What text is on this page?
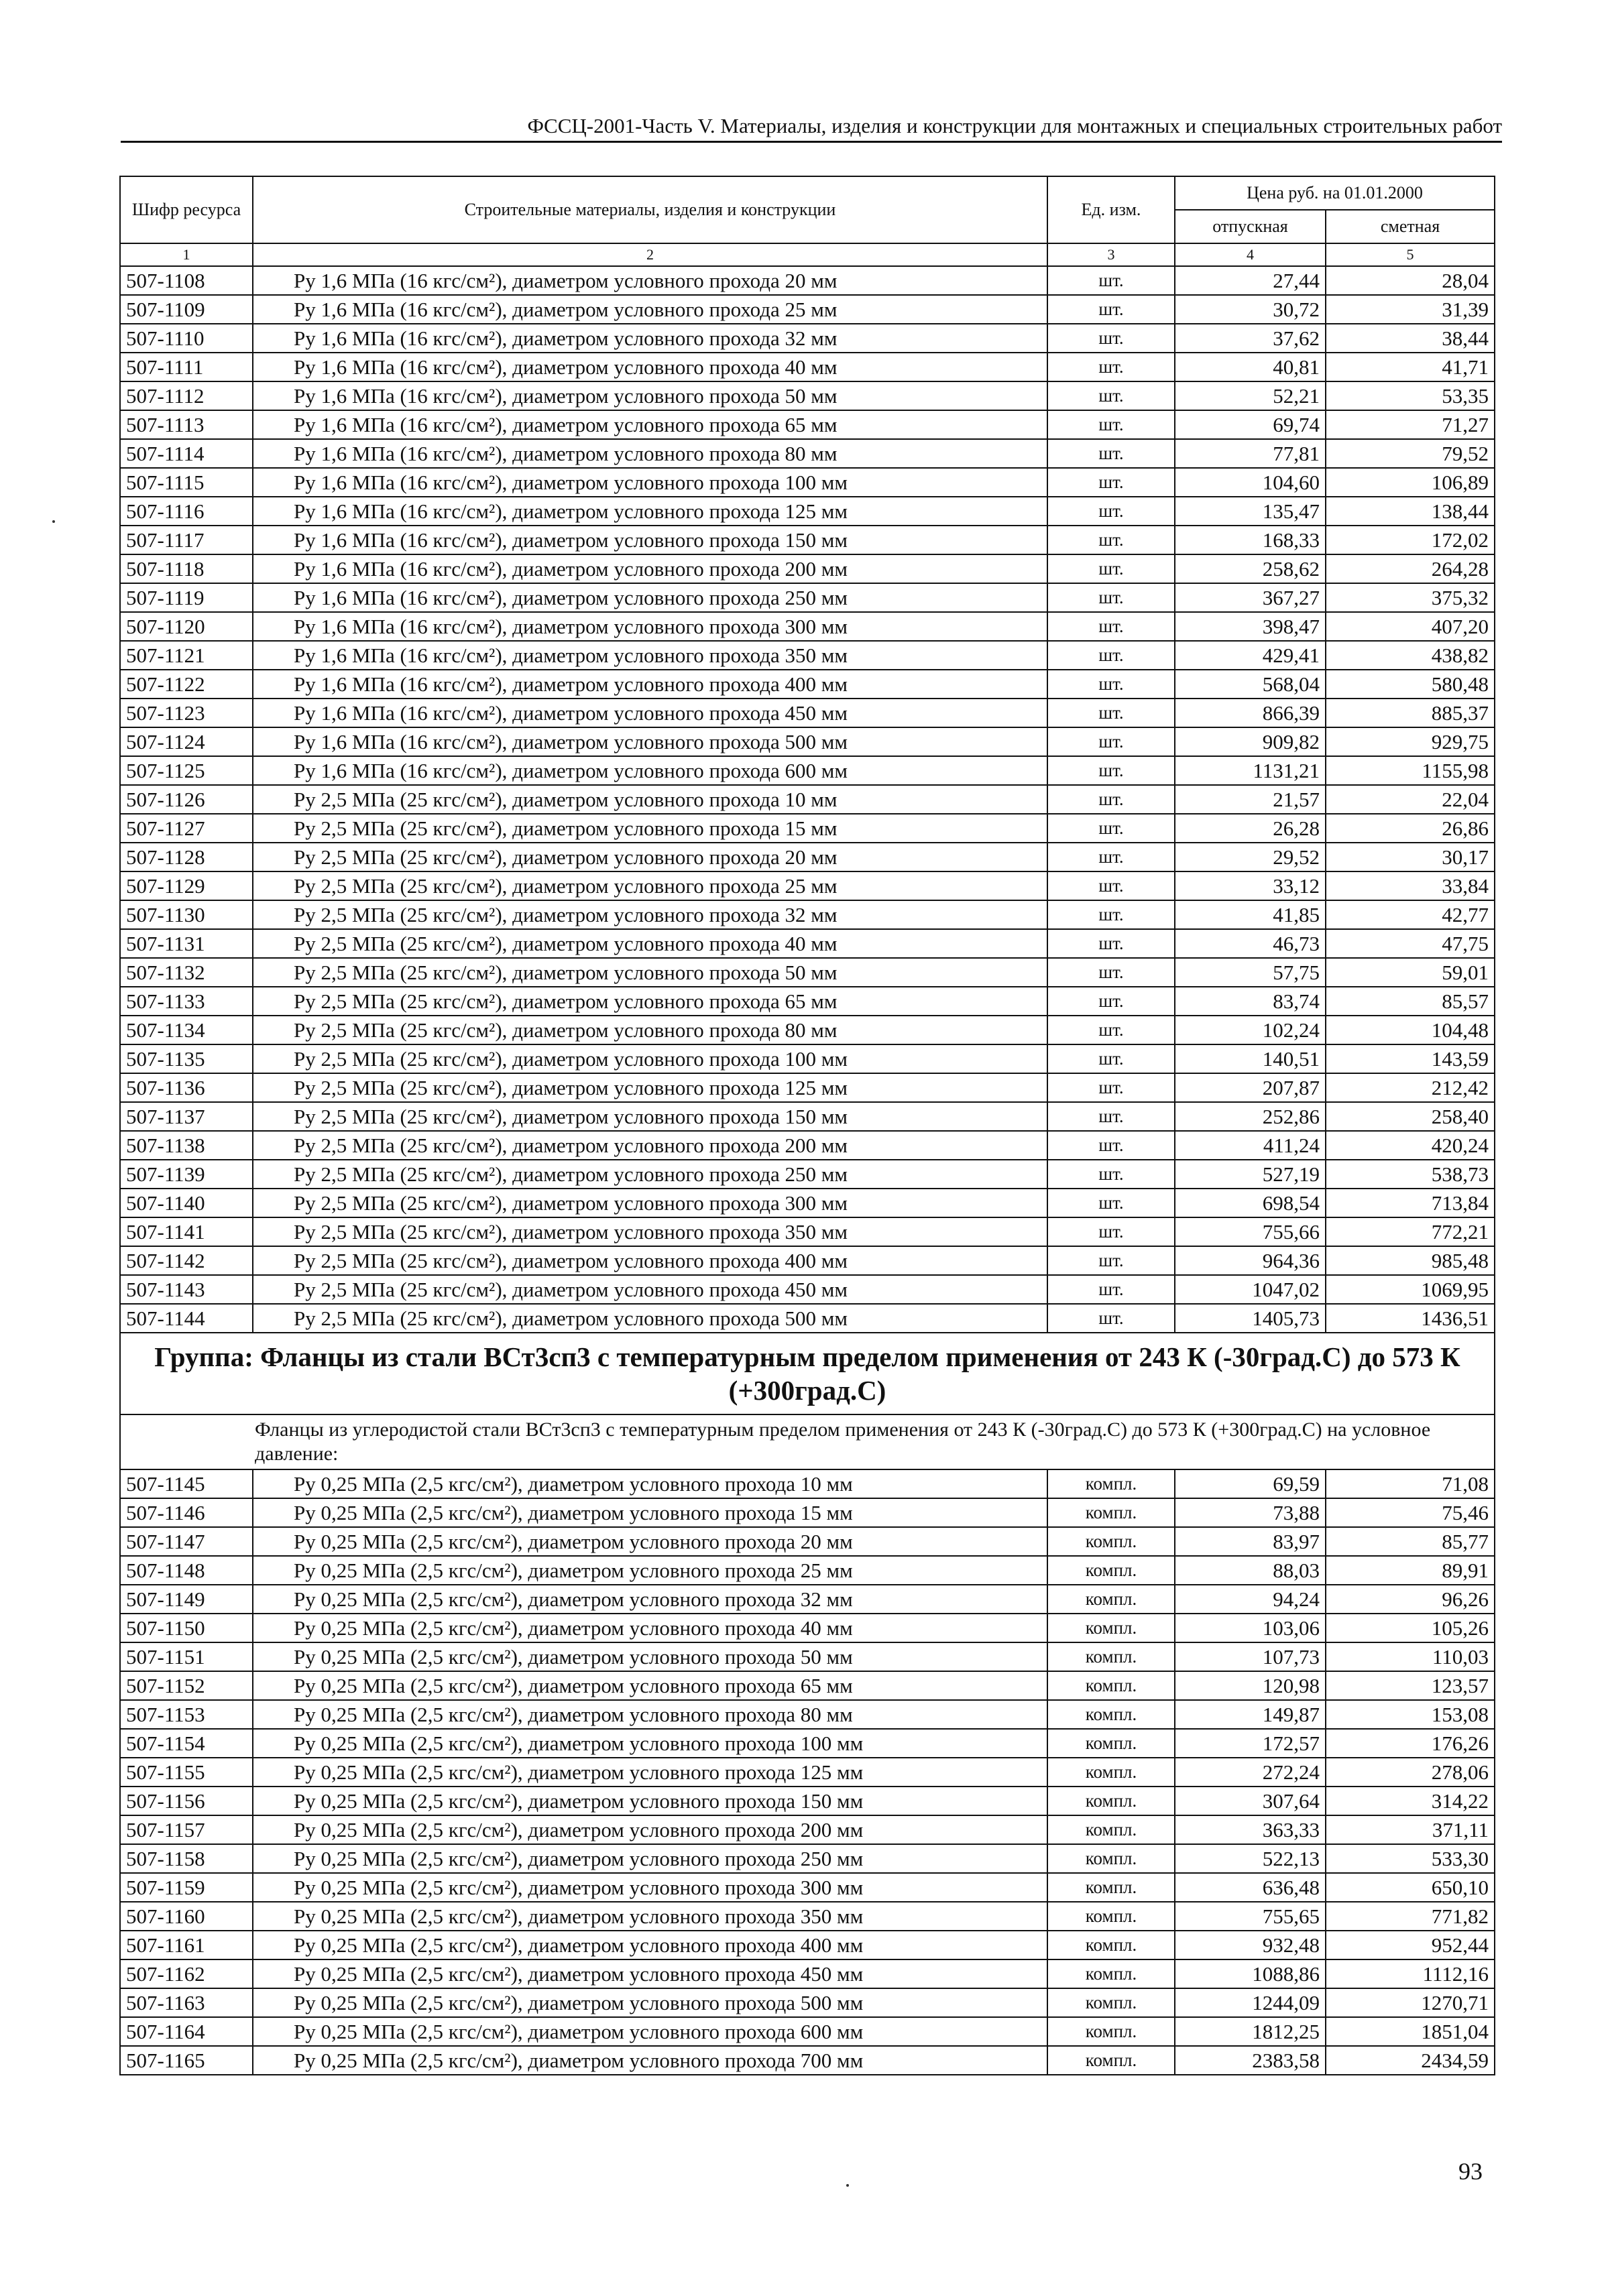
ФССЦ-2001-Часть V. Материалы, изделия и конструкции для монтажных и специальных строительных работ
Шифр ресурса	Строительные материалы, изделия и конструкции	Ед. изм.	Цена руб. на 01.01.2000	
			отпускная	сметная
1	2	3	4	5
507-1108	Ру 1,6 МПа (16 кгс/см²), диаметром условного прохода 20 мм	шт.	27,44	28,04
507-1109	Ру 1,6 МПа (16 кгс/см²), диаметром условного прохода 25 мм	шт.	30,72	31,39
507-1110	Ру 1,6 МПа (16 кгс/см²), диаметром условного прохода 32 мм	шт.	37,62	38,44
507-1111	Ру 1,6 МПа (16 кгс/см²), диаметром условного прохода 40 мм	шт.	40,81	41,71
507-1112	Ру 1,6 МПа (16 кгс/см²), диаметром условного прохода 50 мм	шт.	52,21	53,35
507-1113	Ру 1,6 МПа (16 кгс/см²), диаметром условного прохода 65 мм	шт.	69,74	71,27
507-1114	Ру 1,6 МПа (16 кгс/см²), диаметром условного прохода 80 мм	шт.	77,81	79,52
507-1115	Ру 1,6 МПа (16 кгс/см²), диаметром условного прохода 100 мм	шт.	104,60	106,89
507-1116	Ру 1,6 МПа (16 кгс/см²), диаметром условного прохода 125 мм	шт.	135,47	138,44
507-1117	Ру 1,6 МПа (16 кгс/см²), диаметром условного прохода 150 мм	шт.	168,33	172,02
507-1118	Ру 1,6 МПа (16 кгс/см²), диаметром условного прохода 200 мм	шт.	258,62	264,28
507-1119	Ру 1,6 МПа (16 кгс/см²), диаметром условного прохода 250 мм	шт.	367,27	375,32
507-1120	Ру 1,6 МПа (16 кгс/см²), диаметром условного прохода 300 мм	шт.	398,47	407,20
507-1121	Ру 1,6 МПа (16 кгс/см²), диаметром условного прохода 350 мм	шт.	429,41	438,82
507-1122	Ру 1,6 МПа (16 кгс/см²), диаметром условного прохода 400 мм	шт.	568,04	580,48
507-1123	Ру 1,6 МПа (16 кгс/см²), диаметром условного прохода 450 мм	шт.	866,39	885,37
507-1124	Ру 1,6 МПа (16 кгс/см²), диаметром условного прохода 500 мм	шт.	909,82	929,75
507-1125	Ру 1,6 МПа (16 кгс/см²), диаметром условного прохода 600 мм	шт.	1131,21	1155,98
507-1126	Ру 2,5 МПа (25 кгс/см²), диаметром условного прохода 10 мм	шт.	21,57	22,04
507-1127	Ру 2,5 МПа (25 кгс/см²), диаметром условного прохода 15 мм	шт.	26,28	26,86
507-1128	Ру 2,5 МПа (25 кгс/см²), диаметром условного прохода 20 мм	шт.	29,52	30,17
507-1129	Ру 2,5 МПа (25 кгс/см²), диаметром условного прохода 25 мм	шт.	33,12	33,84
507-1130	Ру 2,5 МПа (25 кгс/см²), диаметром условного прохода 32 мм	шт.	41,85	42,77
507-1131	Ру 2,5 МПа (25 кгс/см²), диаметром условного прохода 40 мм	шт.	46,73	47,75
507-1132	Ру 2,5 МПа (25 кгс/см²), диаметром условного прохода 50 мм	шт.	57,75	59,01
507-1133	Ру 2,5 МПа (25 кгс/см²), диаметром условного прохода 65 мм	шт.	83,74	85,57
507-1134	Ру 2,5 МПа (25 кгс/см²), диаметром условного прохода 80 мм	шт.	102,24	104,48
507-1135	Ру 2,5 МПа (25 кгс/см²), диаметром условного прохода 100 мм	шт.	140,51	143,59
507-1136	Ру 2,5 МПа (25 кгс/см²), диаметром условного прохода 125 мм	шт.	207,87	212,42
507-1137	Ру 2,5 МПа (25 кгс/см²), диаметром условного прохода 150 мм	шт.	252,86	258,40
507-1138	Ру 2,5 МПа (25 кгс/см²), диаметром условного прохода 200 мм	шт.	411,24	420,24
507-1139	Ру 2,5 МПа (25 кгс/см²), диаметром условного прохода 250 мм	шт.	527,19	538,73
507-1140	Ру 2,5 МПа (25 кгс/см²), диаметром условного прохода 300 мм	шт.	698,54	713,84
507-1141	Ру 2,5 МПа (25 кгс/см²), диаметром условного прохода 350 мм	шт.	755,66	772,21
507-1142	Ру 2,5 МПа (25 кгс/см²), диаметром условного прохода 400 мм	шт.	964,36	985,48
507-1143	Ру 2,5 МПа (25 кгс/см²), диаметром условного прохода 450 мм	шт.	1047,02	1069,95
507-1144	Ру 2,5 МПа (25 кгс/см²), диаметром условного прохода 500 мм	шт.	1405,73	1436,51
Группа: Фланцы из стали ВСт3сп3 с температурным пределом применения от 243 К (-30град.С) до 573 К (+300град.С)				
Фланцы из углеродистой стали ВСт3сп3 с температурным пределом применения от 243 К (-30град.С) до 573 К (+300град.С) на условное давление:				
507-1145	Ру 0,25 МПа (2,5 кгс/см²), диаметром условного прохода 10 мм	компл.	69,59	71,08
507-1146	Ру 0,25 МПа (2,5 кгс/см²), диаметром условного прохода 15 мм	компл.	73,88	75,46
507-1147	Ру 0,25 МПа (2,5 кгс/см²), диаметром условного прохода 20 мм	компл.	83,97	85,77
507-1148	Ру 0,25 МПа (2,5 кгс/см²), диаметром условного прохода 25 мм	компл.	88,03	89,91
507-1149	Ру 0,25 МПа (2,5 кгс/см²), диаметром условного прохода 32 мм	компл.	94,24	96,26
507-1150	Ру 0,25 МПа (2,5 кгс/см²), диаметром условного прохода 40 мм	компл.	103,06	105,26
507-1151	Ру 0,25 МПа (2,5 кгс/см²), диаметром условного прохода 50 мм	компл.	107,73	110,03
507-1152	Ру 0,25 МПа (2,5 кгс/см²), диаметром условного прохода 65 мм	компл.	120,98	123,57
507-1153	Ру 0,25 МПа (2,5 кгс/см²), диаметром условного прохода 80 мм	компл.	149,87	153,08
507-1154	Ру 0,25 МПа (2,5 кгс/см²), диаметром условного прохода 100 мм	компл.	172,57	176,26
507-1155	Ру 0,25 МПа (2,5 кгс/см²), диаметром условного прохода 125 мм	компл.	272,24	278,06
507-1156	Ру 0,25 МПа (2,5 кгс/см²), диаметром условного прохода 150 мм	компл.	307,64	314,22
507-1157	Ру 0,25 МПа (2,5 кгс/см²), диаметром условного прохода 200 мм	компл.	363,33	371,11
507-1158	Ру 0,25 МПа (2,5 кгс/см²), диаметром условного прохода 250 мм	компл.	522,13	533,30
507-1159	Ру 0,25 МПа (2,5 кгс/см²), диаметром условного прохода 300 мм	компл.	636,48	650,10
507-1160	Ру 0,25 МПа (2,5 кгс/см²), диаметром условного прохода 350 мм	компл.	755,65	771,82
507-1161	Ру 0,25 МПа (2,5 кгс/см²), диаметром условного прохода 400 мм	компл.	932,48	952,44
507-1162	Ру 0,25 МПа (2,5 кгс/см²), диаметром условного прохода 450 мм	компл.	1088,86	1112,16
507-1163	Ру 0,25 МПа (2,5 кгс/см²), диаметром условного прохода 500 мм	компл.	1244,09	1270,71
507-1164	Ру 0,25 МПа (2,5 кгс/см²), диаметром условного прохода 600 мм	компл.	1812,25	1851,04
507-1165	Ру 0,25 МПа (2,5 кгс/см²), диаметром условного прохода 700 мм	компл.	2383,58	2434,59
93
